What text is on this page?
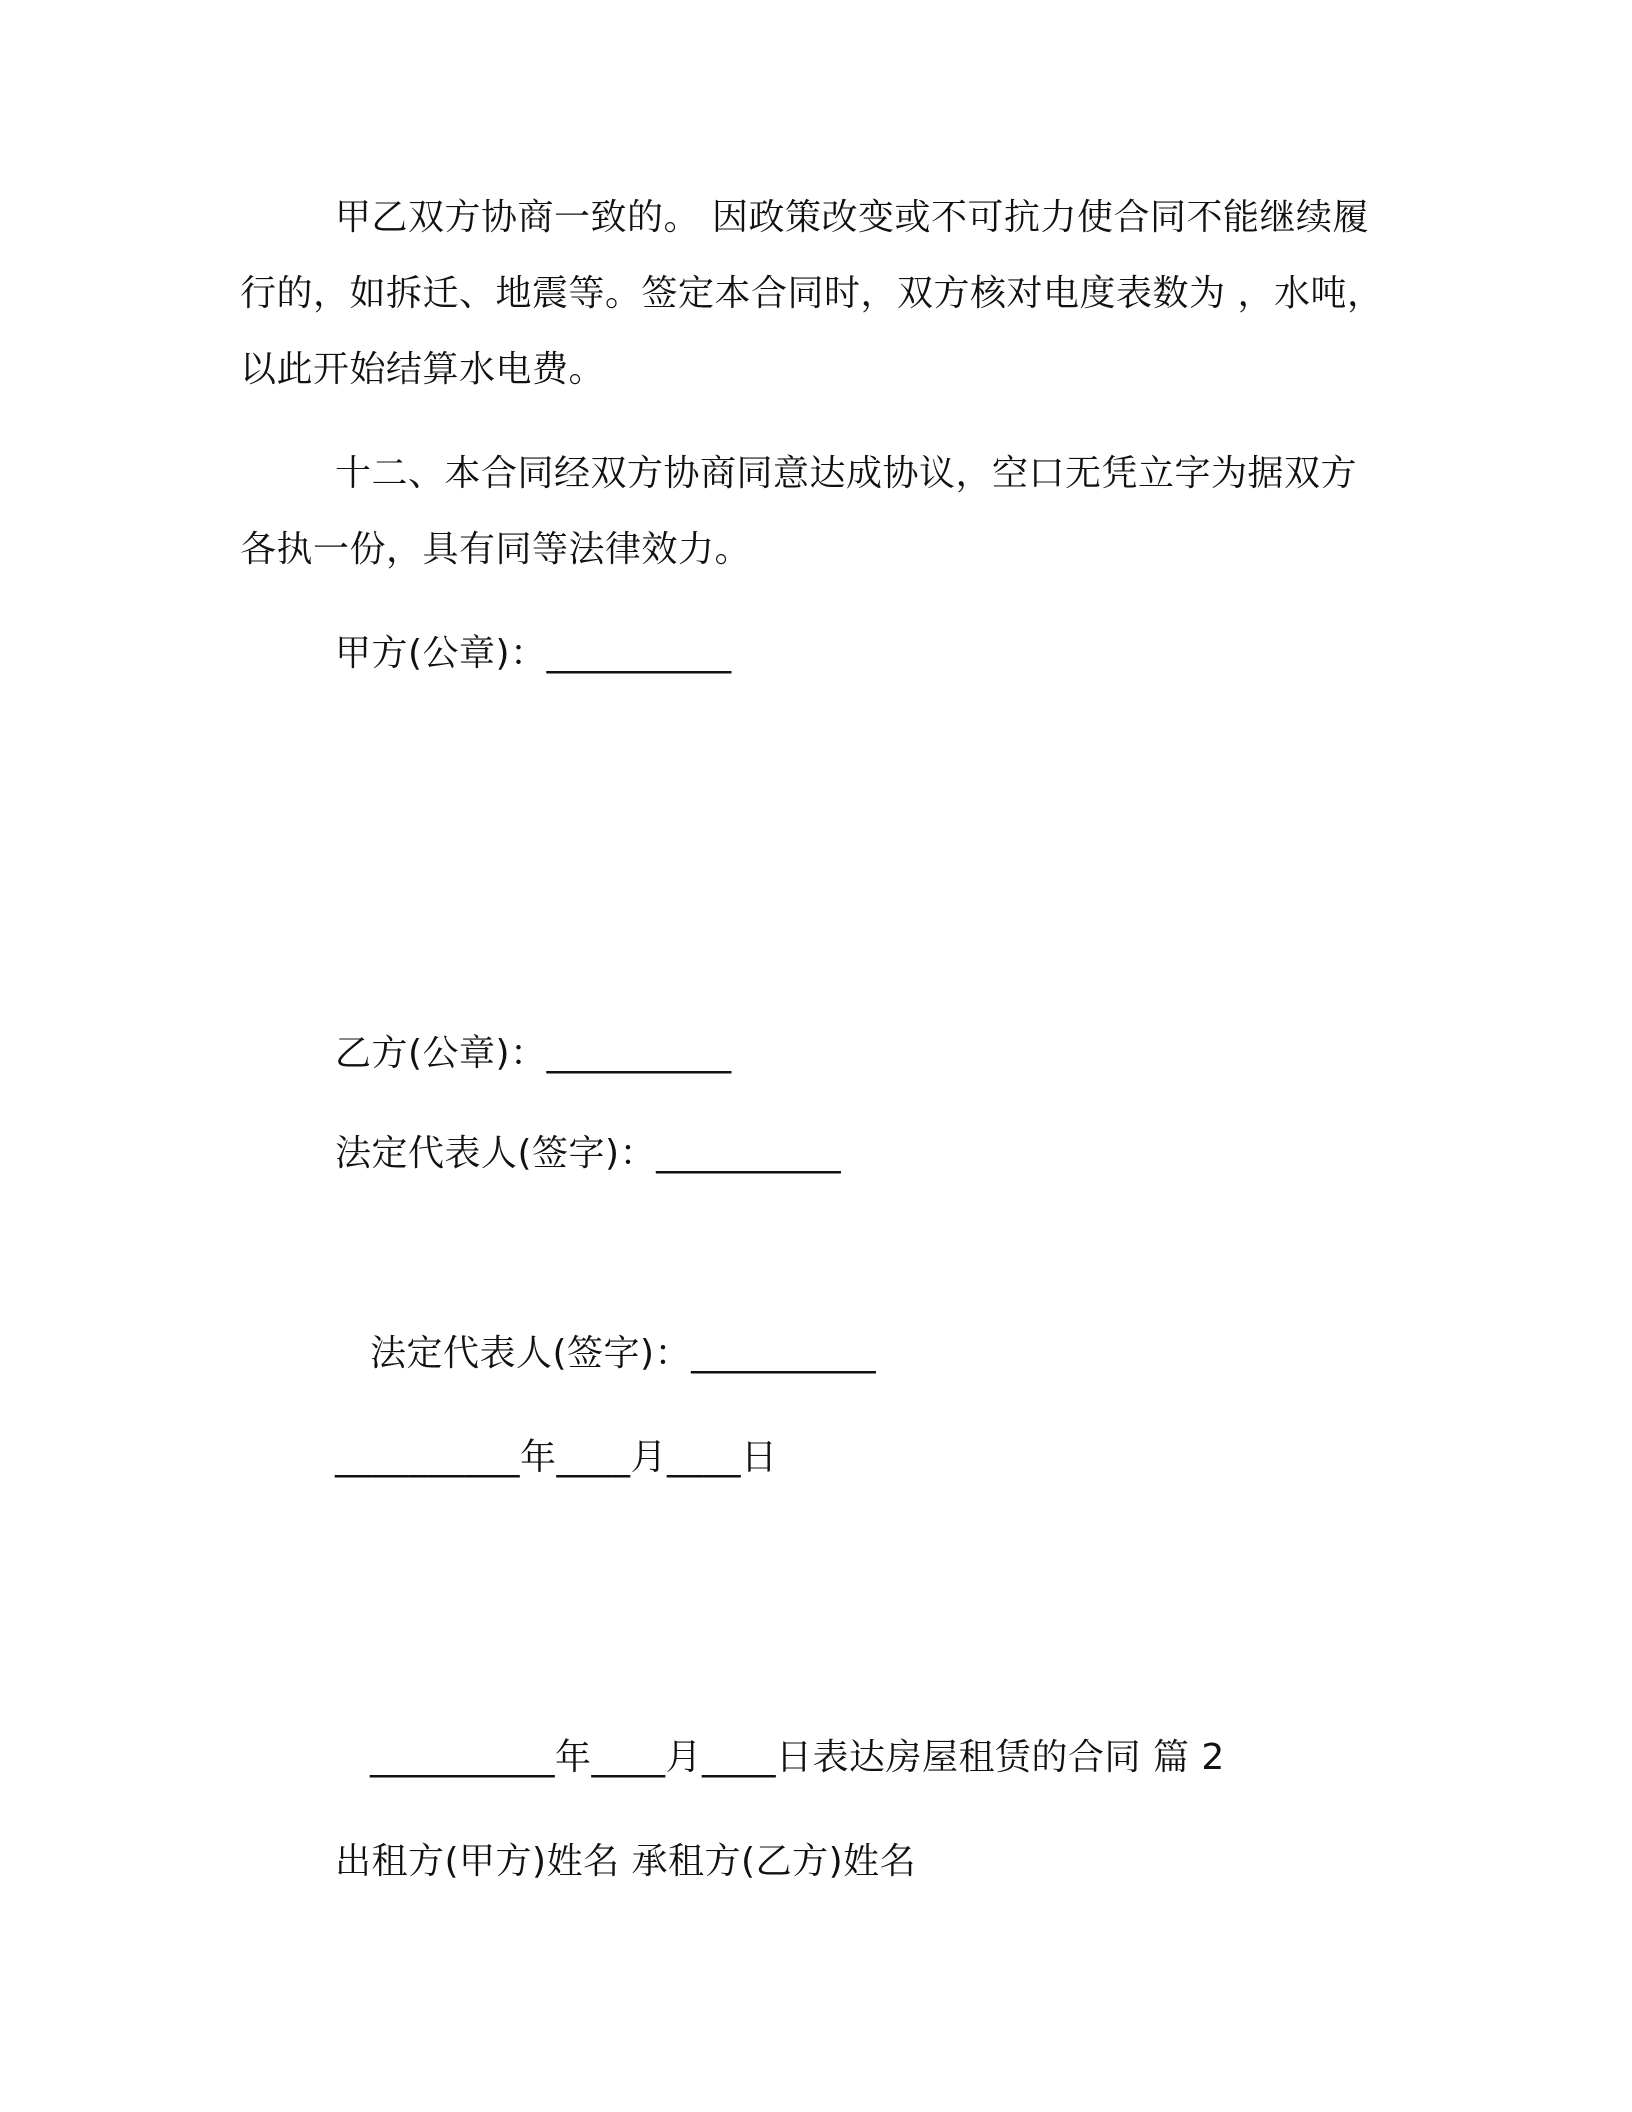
甲乙双方协商一致的。 因政策改变或不可抗力使合同不能继续履
行的，如拆迁、地震等。签定本合同时，双方核对电度表数为 ，水吨，
以此开始结算水电费。
十二、本合同经双方协商同意达成协议，空口无凭立字为据双方
各执一份，具有同等法律效力。
甲方(公章)：__________
乙方(公章)：__________
法定代表人(签字)：__________
法定代表人(签字)：__________
__________年____月____日
__________年____月____日表达房屋租赁的合同 篇 2
出租方(甲方)姓名 承租方(乙方)姓名
